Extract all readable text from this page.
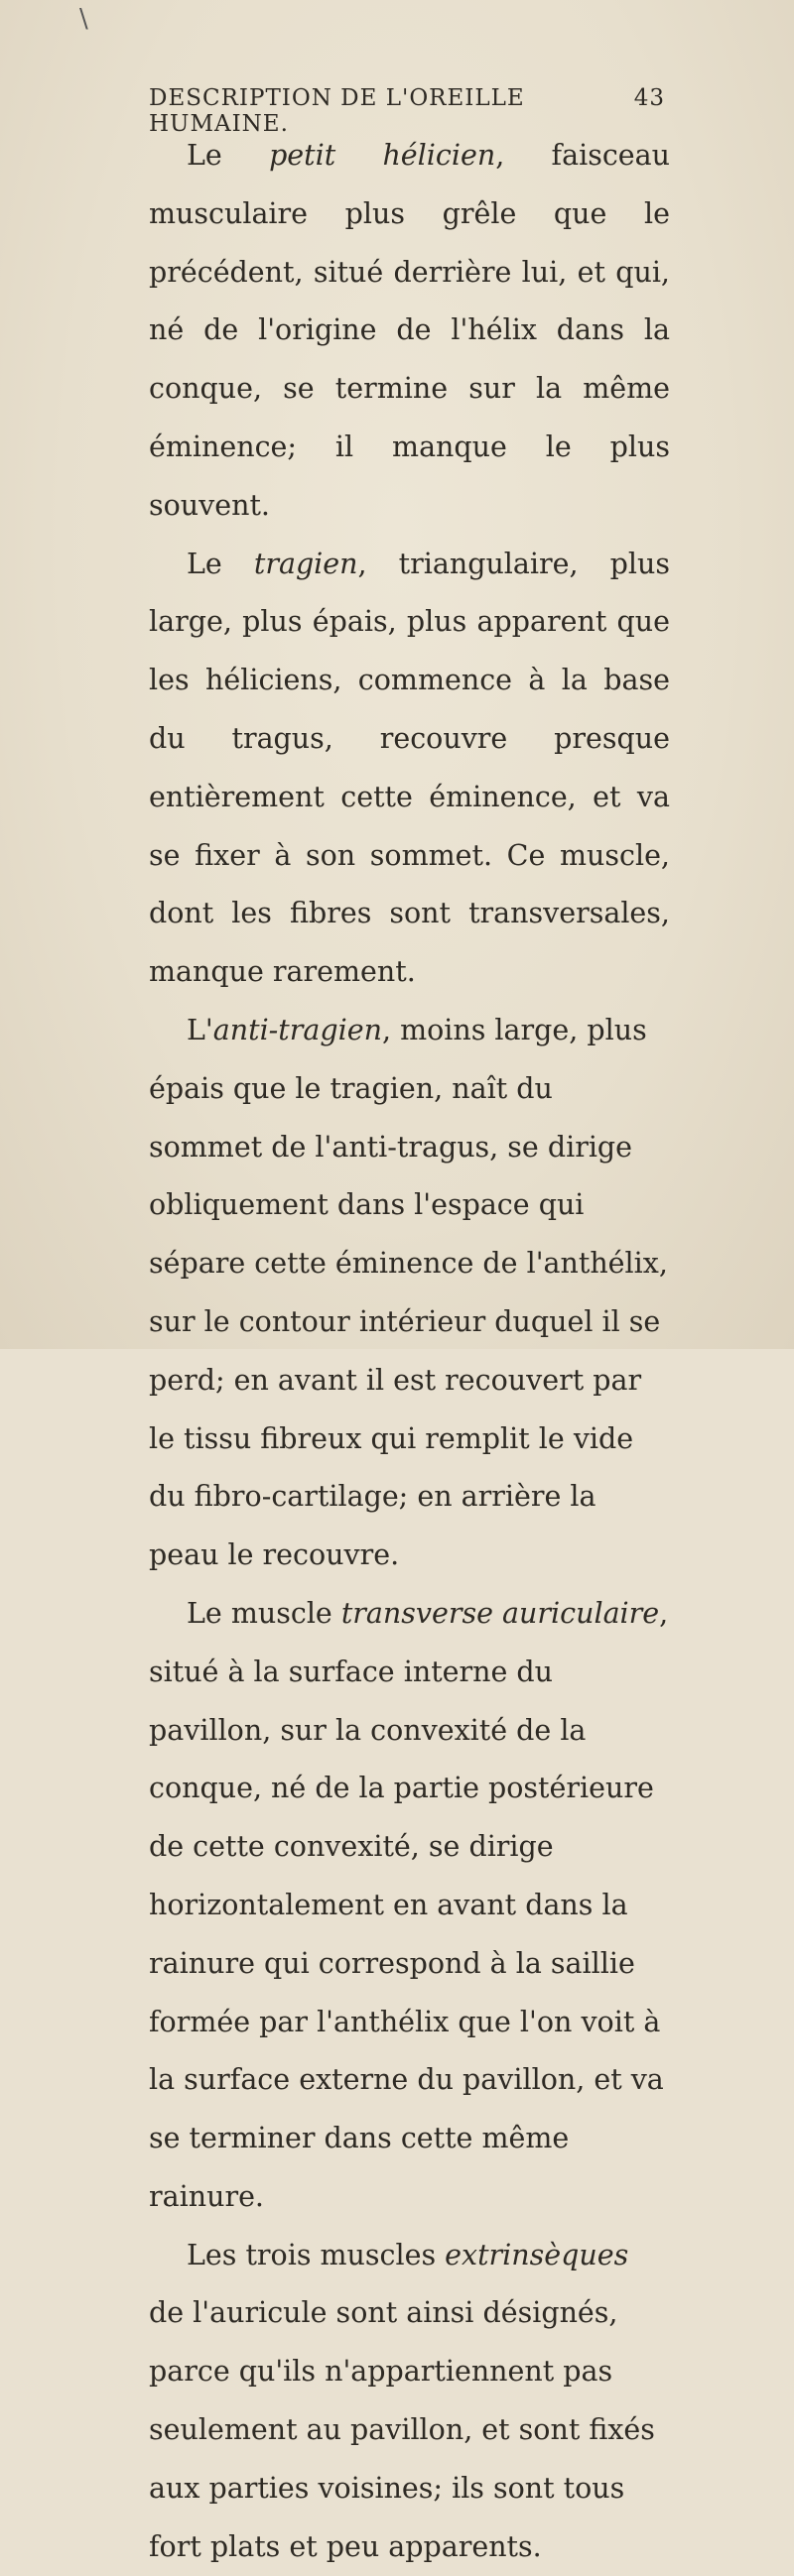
\
DESCRIPTION DE L'OREILLE HUMAINE.
43

Le petit hélicien, faisceau musculaire plus grêle que le précédent, situé derrière lui, et qui, né de l'origine de l'hélix dans la conque, se termine sur la même éminence; il manque le plus souvent.

Le tragien, triangulaire, plus large, plus épais, plus apparent que les héliciens, commence à la base du tragus, recouvre presque entièrement cette éminence, et va se fixer à son sommet. Ce muscle, dont les fibres sont transversales, manque rarement.

L'anti-tragien, moins large, plus épais que le tragien, naît du sommet de l'anti-tragus, se dirige obliquement dans l'espace qui sépare cette éminence de l'anthélix, sur le contour intérieur duquel il se perd; en avant il est recouvert par le tissu fibreux qui remplit le vide du fibro-cartilage; en arrière la peau le recouvre.

Le muscle transverse auriculaire, situé à la surface interne du pavillon, sur la convexité de la conque, né de la partie postérieure de cette convexité, se dirige horizontalement en avant dans la rainure qui correspond à la saillie formée par l'anthélix que l'on voit à la surface externe du pavillon, et va se terminer dans cette même rainure.

Les trois muscles extrinsèques de l'auricule sont ainsi désignés, parce qu'ils n'appartiennent pas seulement au pavillon, et sont fixés aux parties voisines; ils sont tous fort plats et peu apparents.
